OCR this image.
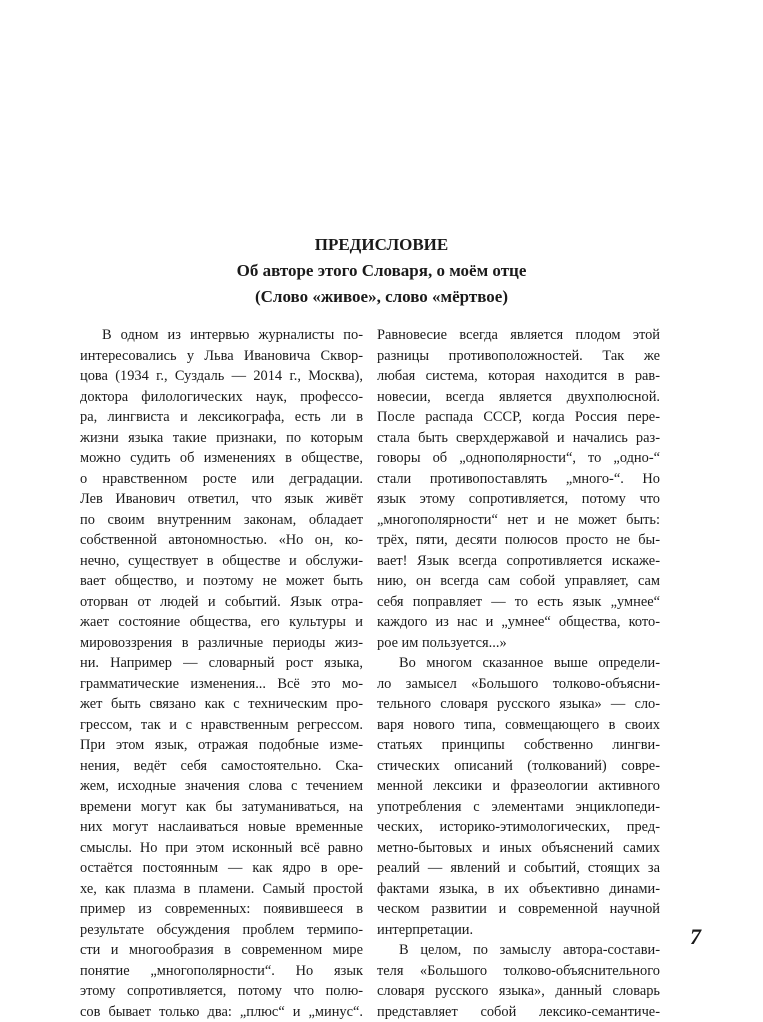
ПРЕДИСЛОВИЕ
Об авторе этого Словаря, о моём отце
(Слово «живое», слово «мёртвое)
В одном из интервью журналисты по-
интересовались у Льва Ивановича Сквор-
цова (1934 г., Суздаль — 2014 г., Москва),
доктора филологических наук, профессо-
ра, лингвиста и лексикографа, есть ли в
жизни языка такие признаки, по которым
можно судить об изменениях в обществе,
о нравственном росте или деградации.
Лев Иванович ответил, что язык живёт
по своим внутренним законам, обладает
собственной автономностью. «Но он, ко-
нечно, существует в обществе и обслужи-
вает общество, и поэтому не может быть
оторван от людей и событий. Язык отра-
жает состояние общества, его культуры и
мировоззрения в различные периоды жиз-
ни. Например — словарный рост языка,
грамматические изменения... Всё это мо-
жет быть связано как с техническим про-
грессом, так и с нравственным регрессом.
При этом язык, отражая подобные изме-
нения, ведёт себя самостоятельно. Ска-
жем, исходные значения слова с течением
времени могут как бы затуманиваться, на
них могут наслаиваться новые временные
смыслы. Но при этом исконный всё равно
остаётся постоянным — как ядро в оре-
хе, как плазма в пламени. Самый простой
пример из современных: появившееся в
результате обсуждения проблем термипо-
сти и многообразия в современном мире
понятие „многополярности“. Но язык
этому сопротивляется, потому что полю-
сов бывает только два: „плюс“ и „минус“.
Равновесие всегда является плодом этой
разницы противоположностей. Так же
любая система, которая находится в рав-
новесии, всегда является двухполюсной.
После распада СССР, когда Россия пере-
стала быть сверхдержавой и начались раз-
говоры об „однополярности“, то „одно-“
стали противопоставлять „много-“. Но
язык этому сопротивляется, потому что
„многополярности“ нет и не может быть:
трёх, пяти, десяти полюсов просто не бы-
вает! Язык всегда сопротивляется искаже-
нию, он всегда сам собой управляет, сам
себя поправляет — то есть язык „умнее“
каждого из нас и „умнее“ общества, кото-
рое им пользуется...»
Во многом сказанное выше определи-
ло замысел «Большого толково-объясни-
тельного словаря русского языка» — сло-
варя нового типа, совмещающего в своих
статьях принципы собственно лингви-
стических описаний (толкований) совре-
менной лексики и фразеологии активного
употребления с элементами энциклопеди-
ческих, историко-этимологических, пред-
метно-бытовых и иных объяснений самих
реалий — явлений и событий, стоящих за
фактами языка, в их объективно динами-
ческом развитии и современной научной
интерпретации.
В целом, по замыслу автора-состави-
теля «Большого толково-объяснительного
словаря русского языка», данный словарь
представляет собой лексико-семантиче-
7
